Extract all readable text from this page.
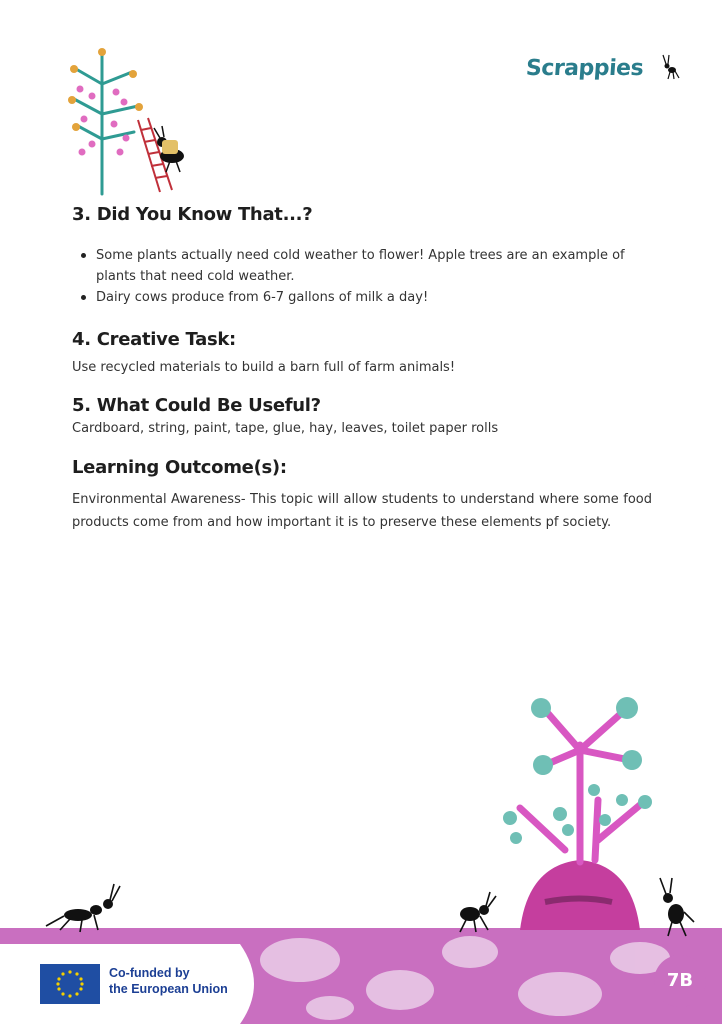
Scrappies
3. Did You Know That...?
Some plants actually need cold weather to flower! Apple trees are an example of plants that need cold weather.
Dairy cows produce from 6-7 gallons of milk a day!
4. Creative Task:

Use recycled materials to build a barn full of farm animals!

5. What Could Be Useful?

Cardboard, string, paint, tape, glue, hay, leaves, toilet paper rolls

Learning Outcome(s):

Environmental Awareness- This topic will allow students to understand where some food products come from and how important it is to preserve these elements pf society.

Co-funded by
the European Union	7B
